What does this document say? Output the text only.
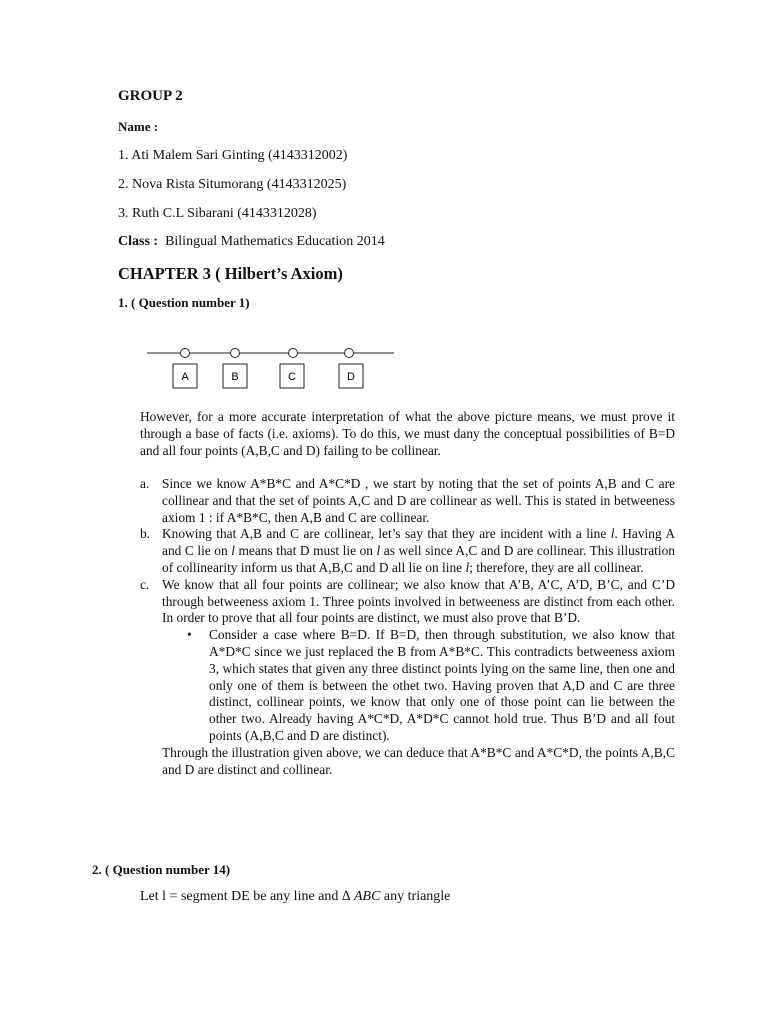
GROUP 2
Name :
1. Ati Malem Sari Ginting (4143312002)
2. Nova Rista Situmorang (4143312025)
3. Ruth C.L Sibarani (4143312028)
Class : Bilingual Mathematics Education 2014
CHAPTER 3 ( Hilbert’s Axiom)
1. ( Question number 1)
A	B	C	D
However, for a more accurate interpretation of what the above picture means, we must prove it through a base of facts (i.e. axioms). To do this, we must dany the conceptual possibilities of B=D and all four points (A,B,C and D) failing to be collinear.
a. Since we know A*B*C and A*C*D , we start by noting that the set of points A,B and C are collinear and that the set of points A,C and D are collinear as well. This is stated in betweeness axiom 1 : if A*B*C, then A,B and C are collinear.
b. Knowing that A,B and C are collinear, let’s say that they are incident with a line l. Having A and C lie on l means that D must lie on l as well since A,C and D are collinear. This illustration of collinearity inform us that A,B,C and D all lie on line l; therefore, they are all collinear.
c. We know that all four points are collinear; we also know that A’B, A’C, A’D, B’C, and C’D through betweeness axiom 1. Three points involved in betweeness are distinct from each other. In order to prove that all four points are distinct, we must also prove that B’D.
• Consider a case where B=D. If B=D, then through substitution, we also know that A*D*C since we just replaced the B from A*B*C. This contradicts betweeness axiom 3, which states that given any three distinct points lying on the same line, then one and only one of them is between the othet two. Having proven that A,D and C are three distinct, collinear points, we know that only one of those point can lie between the other two. Already having A*C*D, A*D*C cannot hold true. Thus B’D and all fout points (A,B,C and D are distinct).
Through the illustration given above, we can deduce that A*B*C and A*C*D, the points A,B,C and D are distinct and collinear.
2. ( Question number 14)
Let l = segment DE be any line and ∆ ABC any triangle
